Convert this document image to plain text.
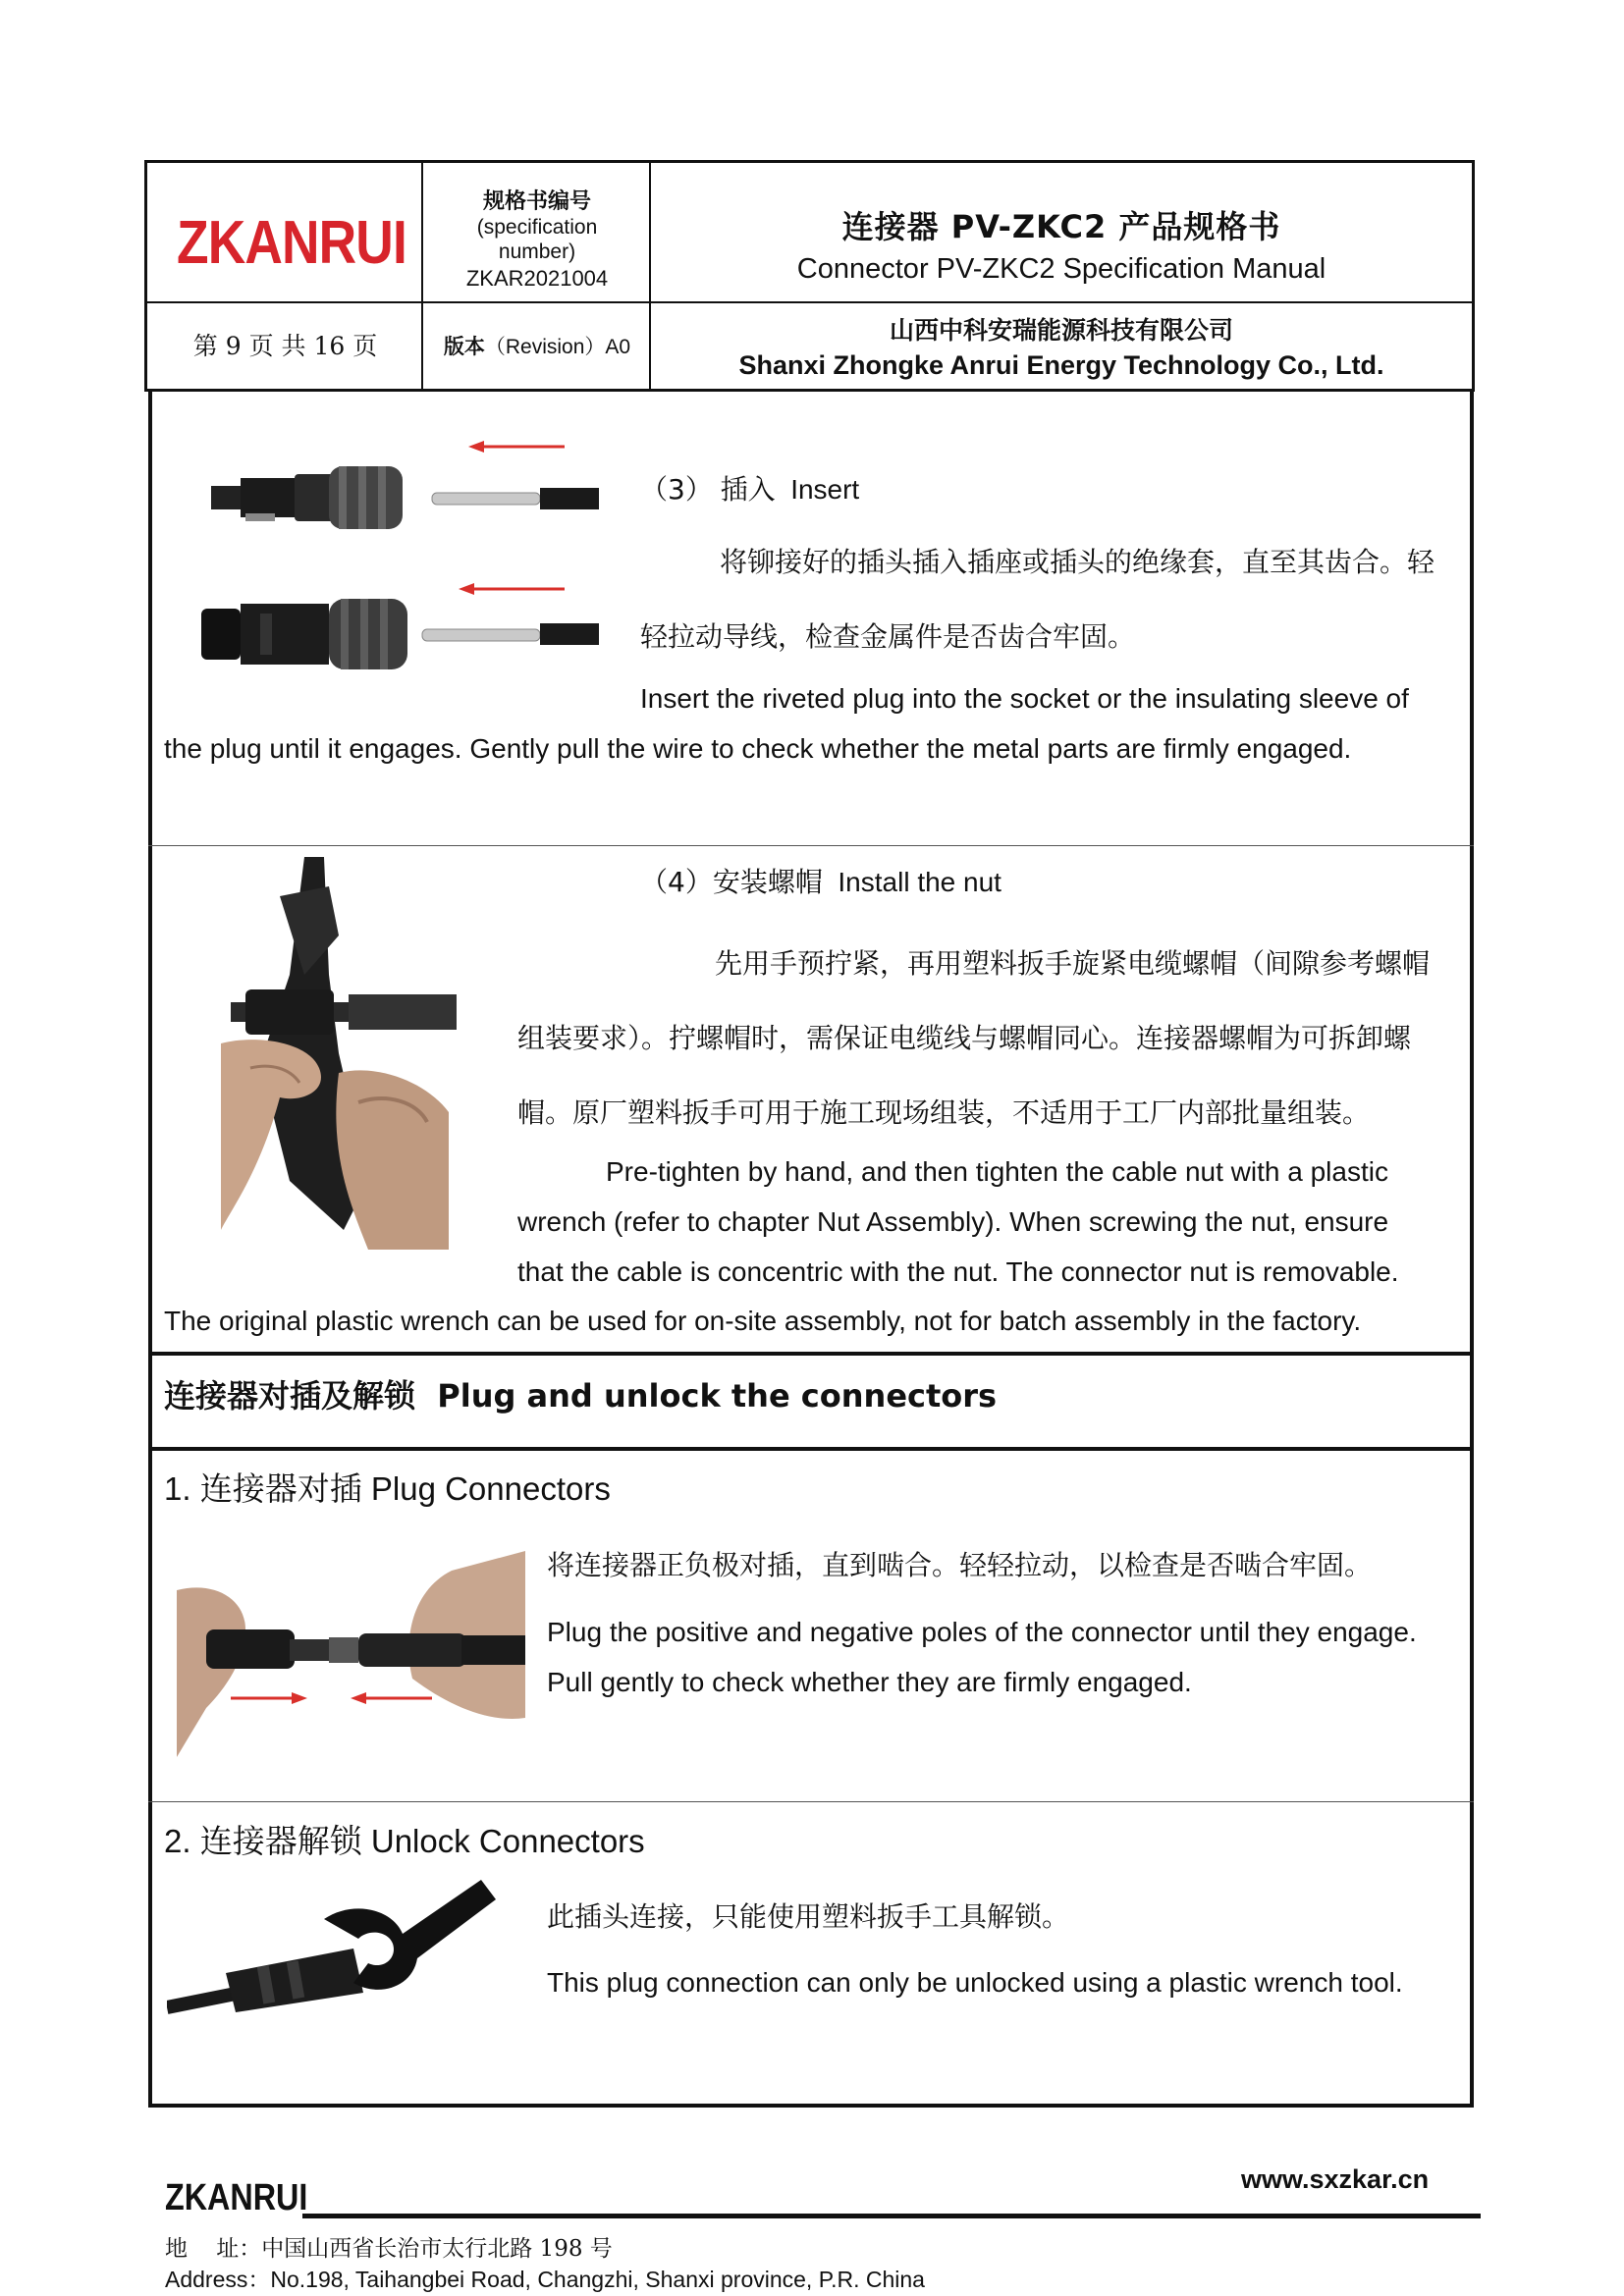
ZKANRUI
规格书编号
(specification
number)
ZKAR2021004
连接器 PV-ZKC2 产品规格书
Connector PV-ZKC2 Specification Manual
第 9 页 共 16 页	版本（Revision）A0
山西中科安瑞能源科技有限公司
Shanxi Zhongke Anrui Energy Technology Co., Ltd.
（3） 插入 Insert
将铆接好的插头插入插座或插头的绝缘套，直至其齿合。轻
轻拉动导线，检查金属件是否齿合牢固。
Insert the riveted plug into the socket or the insulating sleeve of
the plug until it engages. Gently pull the wire to check whether the metal parts are firmly engaged.
（4）安装螺帽 Install the nut
先用手预拧紧，再用塑料扳手旋紧电缆螺帽（间隙参考螺帽
组装要求）。拧螺帽时，需保证电缆线与螺帽同心。连接器螺帽为可拆卸螺
帽。原厂塑料扳手可用于施工现场组装，不适用于工厂内部批量组装。
Pre-tighten by hand, and then tighten the cable nut with a plastic
wrench (refer to chapter Nut Assembly). When screwing the nut, ensure
that the cable is concentric with the nut. The connector nut is removable.
The original plastic wrench can be used for on-site assembly, not for batch assembly in the factory.
连接器对插及解锁 Plug and unlock the connectors
1. 连接器对插 Plug Connectors
将连接器正负极对插，直到啮合。轻轻拉动，以检查是否啮合牢固。
Plug the positive and negative poles of the connector until they engage.
Pull gently to check whether they are firmly engaged.
2. 连接器解锁 Unlock Connectors
此插头连接，只能使用塑料扳手工具解锁。
This plug connection can only be unlocked using a plastic wrench tool.
ZKANRUI	www.sxzkar.cn
地    址：中国山西省长治市太行北路 198 号
Address：No.198, Taihangbei Road, Changzhi, Shanxi province, P.R. China
